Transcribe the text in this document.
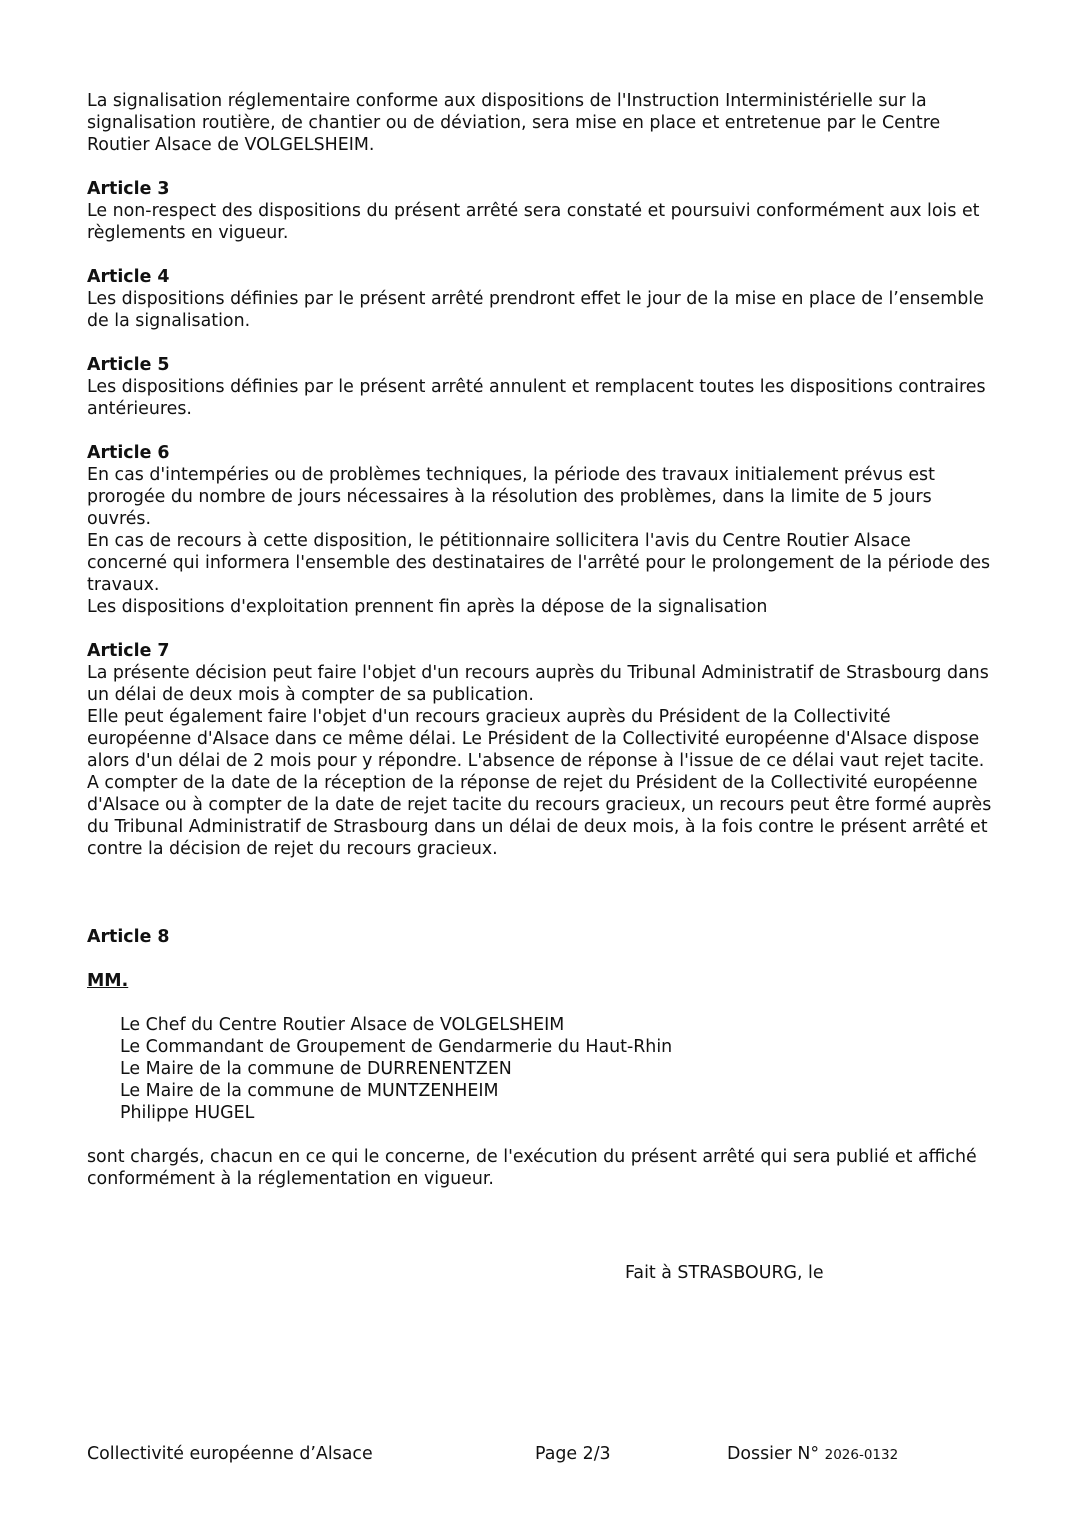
La signalisation réglementaire conforme aux dispositions de l'Instruction Interministérielle sur la signalisation routière, de chantier ou de déviation, sera mise en place et entretenue par le Centre Routier Alsace de VOLGELSHEIM.

Article 3

Le non-respect des dispositions du présent arrêté sera constaté et poursuivi conformément aux lois et règlements en vigueur.

Article 4

Les dispositions définies par le présent arrêté prendront effet le jour de la mise en place de l’ensemble de la signalisation.

Article 5

Les dispositions définies par le présent arrêté annulent et remplacent toutes les dispositions contraires antérieures.

Article 6

En cas d'intempéries ou de problèmes techniques, la période des travaux initialement prévus est prorogée du nombre de jours nécessaires à la résolution des problèmes, dans la limite de 5 jours ouvrés.

En cas de recours à cette disposition, le pétitionnaire sollicitera l'avis du Centre Routier Alsace concerné qui informera l'ensemble des destinataires de l'arrêté pour le prolongement de la période des travaux.

Les dispositions d'exploitation prennent fin après la dépose de la signalisation

Article 7

La présente décision peut faire l'objet d'un recours auprès du Tribunal Administratif de Strasbourg dans un délai de deux mois à compter de sa publication.

Elle peut également faire l'objet d'un recours gracieux auprès du Président de la Collectivité européenne d'Alsace dans ce même délai. Le Président de la Collectivité européenne d'Alsace dispose alors d'un délai de 2 mois pour y répondre. L'absence de réponse à l'issue de ce délai vaut rejet tacite. A compter de la date de la réception de la réponse de rejet du Président de la Collectivité européenne d'Alsace ou à compter de la date de rejet tacite du recours gracieux, un recours peut être formé auprès du Tribunal Administratif de Strasbourg dans un délai de deux mois, à la fois contre le présent arrêté et contre la décision de rejet du recours gracieux.

Article 8

MM.

Le Chef du Centre Routier Alsace de VOLGELSHEIM

Le Commandant de Groupement de Gendarmerie du Haut-Rhin

Le Maire de la commune de DURRENENTZEN

Le Maire de la commune de MUNTZENHEIM

Philippe HUGEL

sont chargés, chacun en ce qui le concerne, de l'exécution du présent arrêté qui sera publié et affiché conformément à la réglementation en vigueur.

Fait à STRASBOURG, le
Collectivité européenne d’Alsace	Page 2/3	Dossier N° 2026-0132
